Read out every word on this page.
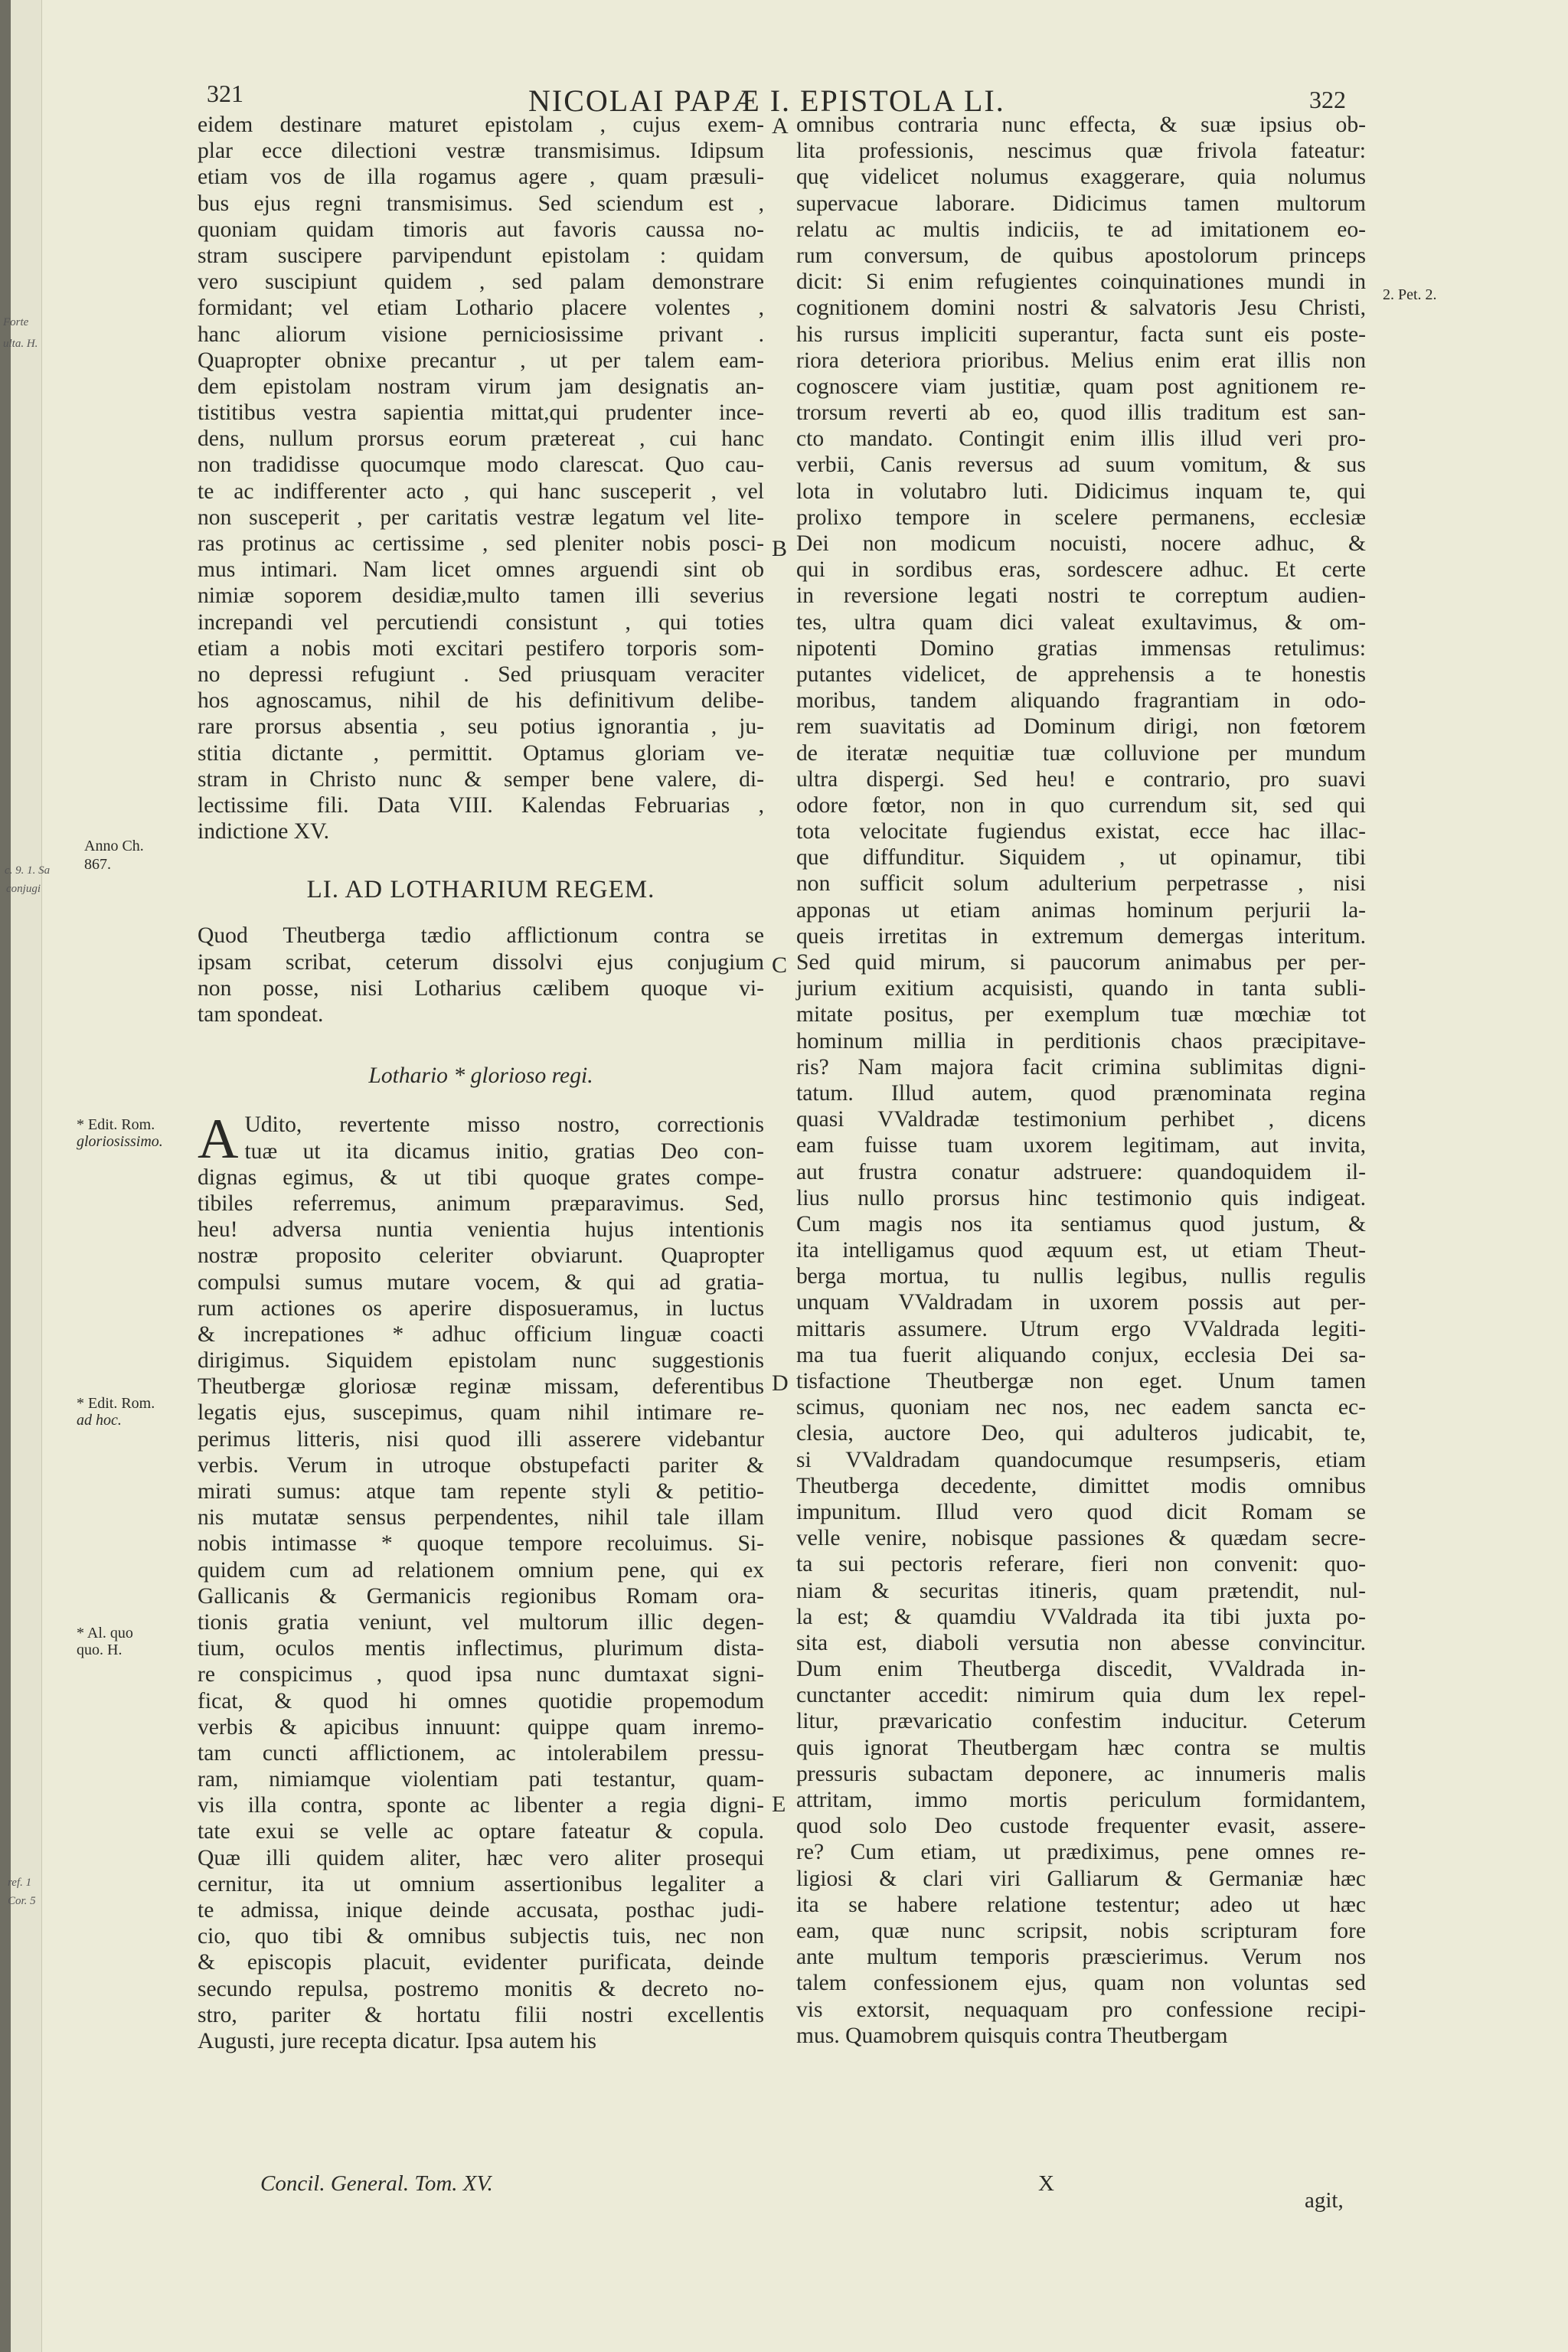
Forte
ulta. H.
c. 9. 1. Sa
conjugi
ref. 1
Cor. 5
321	NICOLAI PAPÆ I. EPISTOLA LI.	322
eidem destinare maturet epistolam , cujus exem-
plar ecce dilectioni vestræ transmisimus. Idipsum
etiam vos de illa rogamus agere , quam præsuli-
bus ejus regni transmisimus. Sed sciendum est ,
quoniam quidam timoris aut favoris caussa no-
stram suscipere parvipendunt epistolam : quidam
vero suscipiunt quidem , sed palam demonstrare
formidant; vel etiam Lothario placere volentes ,
hanc aliorum visione perniciosissime privant .
Quapropter obnixe precantur , ut per talem eam-
dem epistolam nostram virum jam designatis an-
tistitibus vestra sapientia mittat,qui prudenter ince-
dens, nullum prorsus eorum prætereat , cui hanc
non tradidisse quocumque modo clarescat. Quo cau-
te ac indifferenter acto , qui hanc susceperit , vel
non susceperit , per caritatis vestræ legatum vel lite-
ras protinus ac certissime , sed pleniter nobis posci-
mus intimari. Nam licet omnes arguendi sint ob
nimiæ soporem desidiæ,multo tamen illi severius
increpandi vel percutiendi consistunt , qui toties
etiam a nobis moti excitari pestifero torporis som-
no depressi refugiunt . Sed priusquam veraciter
hos agnoscamus, nihil de his definitivum delibe-
rare prorsus absentia , seu potius ignorantia , ju-
stitia dictante , permittit. Optamus gloriam ve-
stram in Christo nunc & semper bene valere, di-
lectissime fili. Data VIII. Kalendas Februarias ,
indictione XV.
LI. AD LOTHARIUM REGEM.
Quod Theutberga tædio afflictionum contra se
ipsam scribat, ceterum dissolvi ejus conjugium
non posse, nisi Lotharius cælibem quoque vi-
tam spondeat.
Lothario * glorioso regi.
A Udito, revertente misso nostro, correctionis
tuæ ut ita dicamus initio, gratias Deo con-
dignas egimus, & ut tibi quoque grates compe-
tibiles referremus, animum præparavimus. Sed,
heu! adversa nuntia venientia hujus intentionis
nostræ proposito celeriter obviarunt. Quapropter
compulsi sumus mutare vocem, & qui ad gratia-
rum actiones os aperire disposueramus, in luctus
& increpationes * adhuc officium linguæ coacti
dirigimus. Siquidem epistolam nunc suggestionis
Theutbergæ gloriosæ reginæ missam, deferentibus
legatis ejus, suscepimus, quam nihil intimare re-
perimus litteris, nisi quod illi asserere videbantur
verbis. Verum in utroque obstupefacti pariter &
mirati sumus: atque tam repente styli & petitio-
nis mutatæ sensus perpendentes, nihil tale illam
nobis intimasse * quoque tempore recoluimus. Si-
quidem cum ad relationem omnium pene, qui ex
Gallicanis & Germanicis regionibus Romam ora-
tionis gratia veniunt, vel multorum illic degen-
tium, oculos mentis inflectimus, plurimum dista-
re conspicimus , quod ipsa nunc dumtaxat signi-
ficat, & quod hi omnes quotidie propemodum
verbis & apicibus innuunt: quippe quam inremo-
tam cuncti afflictionem, ac intolerabilem pressu-
ram, nimiamque violentiam pati testantur, quam-
vis illa contra, sponte ac libenter a regia digni-
tate exui se velle ac optare fateatur & copula.
Quæ illi quidem aliter, hæc vero aliter prosequi
cernitur, ita ut omnium assertionibus legaliter a
te admissa, inique deinde accusata, posthac judi-
cio, quo tibi & omnibus subjectis tuis, nec non
& episcopis placuit, evidenter purificata, deinde
secundo repulsa, postremo monitis & decreto no-
stro, pariter & hortatu filii nostri excellentis
Augusti, jure recepta dicatur. Ipsa autem his
A
B
C
D
E
omnibus contraria nunc effecta, & suæ ipsius ob-
lita professionis, nescimus quæ frivola fateatur:
quę videlicet nolumus exaggerare, quia nolumus
supervacue laborare. Didicimus tamen multorum
relatu ac multis indiciis, te ad imitationem eo-
rum conversum, de quibus apostolorum princeps
dicit: Si enim refugientes coinquinationes mundi in
cognitionem domini nostri & salvatoris Jesu Christi,
his rursus impliciti superantur, facta sunt eis poste-
riora deteriora prioribus. Melius enim erat illis non
cognoscere viam justitiæ, quam post agnitionem re-
trorsum reverti ab eo, quod illis traditum est san-
cto mandato. Contingit enim illis illud veri pro-
verbii, Canis reversus ad suum vomitum, & sus
lota in volutabro luti. Didicimus inquam te, qui
prolixo tempore in scelere permanens, ecclesiæ
Dei non modicum nocuisti, nocere adhuc, &
qui in sordibus eras, sordescere adhuc. Et certe
in reversione legati nostri te correptum audien-
tes, ultra quam dici valeat exultavimus, & om-
nipotenti Domino gratias immensas retulimus:
putantes videlicet, de apprehensis a te honestis
moribus, tandem aliquando fragrantiam in odo-
rem suavitatis ad Dominum dirigi, non fœtorem
de iteratæ nequitiæ tuæ colluvione per mundum
ultra dispergi. Sed heu! e contrario, pro suavi
odore fœtor, non in quo currendum sit, sed qui
tota velocitate fugiendus existat, ecce hac illac-
que diffunditur. Siquidem , ut opinamur, tibi
non sufficit solum adulterium perpetrasse , nisi
apponas ut etiam animas hominum perjurii la-
queis irretitas in extremum demergas interitum.
Sed quid mirum, si paucorum animabus per per-
jurium exitium acquisisti, quando in tanta subli-
mitate positus, per exemplum tuæ mœchiæ tot
hominum millia in perditionis chaos præcipitave-
ris? Nam majora facit crimina sublimitas digni-
tatum. Illud autem, quod prænominata regina
quasi VValdradæ testimonium perhibet , dicens
eam fuisse tuam uxorem legitimam, aut invita,
aut frustra conatur adstruere: quandoquidem il-
lius nullo prorsus hinc testimonio quis indigeat.
Cum magis nos ita sentiamus quod justum, &
ita intelligamus quod æquum est, ut etiam Theut-
berga mortua, tu nullis legibus, nullis regulis
unquam VValdradam in uxorem possis aut per-
mittaris assumere. Utrum ergo VValdrada legiti-
ma tua fuerit aliquando conjux, ecclesia Dei sa-
tisfactione Theutbergæ non eget. Unum tamen
scimus, quoniam nec nos, nec eadem sancta ec-
clesia, auctore Deo, qui adulteros judicabit, te,
si VValdradam quandocumque resumpseris, etiam
Theutberga decedente, dimittet modis omnibus
impunitum. Illud vero quod dicit Romam se
velle venire, nobisque passiones & quædam secre-
ta sui pectoris referare, fieri non convenit: quo-
niam & securitas itineris, quam prætendit, nul-
la est; & quamdiu VValdrada ita tibi juxta po-
sita est, diaboli versutia non abesse convincitur.
Dum enim Theutberga discedit, VValdrada in-
cunctanter accedit: nimirum quia dum lex repel-
litur, prævaricatio confestim inducitur. Ceterum
quis ignorat Theutbergam hæc contra se multis
pressuris subactam deponere, ac innumeris malis
attritam, immo mortis periculum formidantem,
quod solo Deo custode frequenter evasit, assere-
re? Cum etiam, ut prædiximus, pene omnes re-
ligiosi & clari viri Galliarum & Germaniæ hæc
ita se habere relatione testentur; adeo ut hæc
eam, quæ nunc scripsit, nobis scripturam fore
ante multum temporis præscierimus. Verum nos
talem confessionem ejus, quam non voluntas sed
vis extorsit, nequaquam pro confessione recipi-
mus. Quamobrem quisquis contra Theutbergam
Anno Ch.
867.
* Edit. Rom.
gloriosissimo.
* Edit. Rom.
ad hoc.
* Al. quo
quo. H.
2. Pet. 2.
Concil. General. Tom. XV.	X
agit,
